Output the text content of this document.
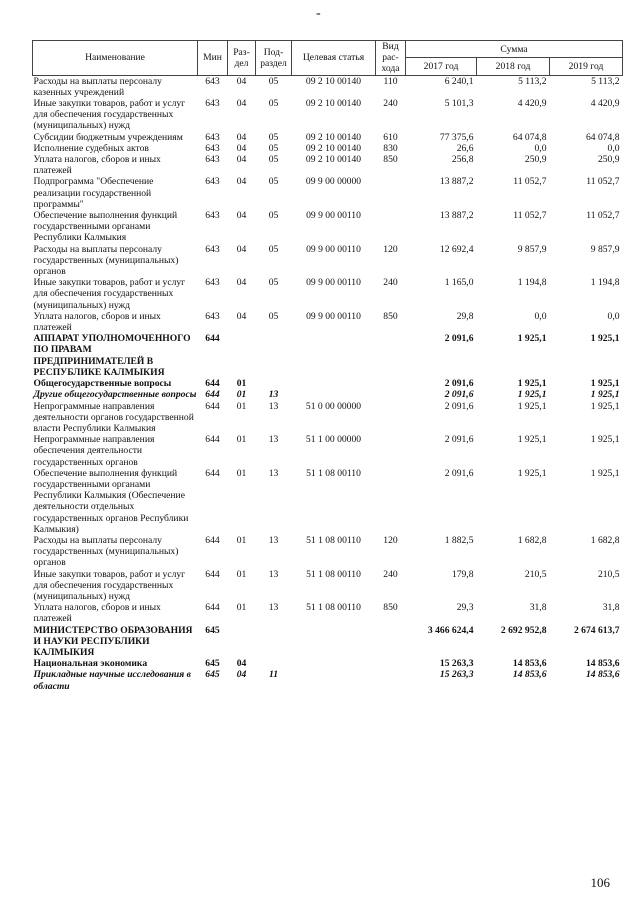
-
Наименование	Мин	Раз-дел	Под-раздел	Целевая статья	Вид рас-хода	Сумма		
						2017 год	2018 год	2019 год
Расходы на выплаты персоналу казенных учреждений	643	04	05	09 2 10 00140	110	6 240,1	5 113,2	5 113,2
Иные закупки товаров, работ и услуг для обеспечения государственных (муниципальных) нужд	643	04	05	09 2 10 00140	240	5 101,3	4 420,9	4 420,9
Субсидии бюджетным учреждениям	643	04	05	09 2 10 00140	610	77 375,6	64 074,8	64 074,8
Исполнение судебных актов	643	04	05	09 2 10 00140	830	26,6	0,0	0,0
Уплата налогов, сборов и иных платежей	643	04	05	09 2 10 00140	850	256,8	250,9	250,9
Подпрограмма "Обеспечение реализации государственной программы"	643	04	05	09 9 00 00000		13 887,2	11 052,7	11 052,7
Обеспечение выполнения функций государственными органами Республики Калмыкия	643	04	05	09 9 00 00110		13 887,2	11 052,7	11 052,7
Расходы на выплаты персоналу государственных (муниципальных) органов	643	04	05	09 9 00 00110	120	12 692,4	9 857,9	9 857,9
Иные закупки товаров, работ и услуг для обеспечения государственных (муниципальных) нужд	643	04	05	09 9 00 00110	240	1 165,0	1 194,8	1 194,8
Уплата налогов, сборов и иных платежей	643	04	05	09 9 00 00110	850	29,8	0,0	0,0
АППАРАТ УПОЛНОМОЧЕННОГО ПО ПРАВАМ ПРЕДПРИНИМАТЕЛЕЙ В РЕСПУБЛИКЕ КАЛМЫКИЯ	644					2 091,6	1 925,1	1 925,1
Общегосударственные вопросы	644	01				2 091,6	1 925,1	1 925,1
Другие общегосударственные вопросы	644	01	13			2 091,6	1 925,1	1 925,1
Непрограммные направления деятельности органов государственной власти Республики Калмыкия	644	01	13	51 0 00 00000		2 091,6	1 925,1	1 925,1
Непрограммные направления обеспечения деятельности государственных органов	644	01	13	51 1 00 00000		2 091,6	1 925,1	1 925,1
Обеспечение выполнения функций государственными органами Республики Калмыкия (Обеспечение деятельности отдельных государственных органов Республики Калмыкия)	644	01	13	51 1 08 00110		2 091,6	1 925,1	1 925,1
Расходы на выплаты персоналу государственных (муниципальных) органов	644	01	13	51 1 08 00110	120	1 882,5	1 682,8	1 682,8
Иные закупки товаров, работ и услуг для обеспечения государственных (муниципальных) нужд	644	01	13	51 1 08 00110	240	179,8	210,5	210,5
Уплата налогов, сборов и иных платежей	644	01	13	51 1 08 00110	850	29,3	31,8	31,8
МИНИСТЕРСТВО ОБРАЗОВАНИЯ И НАУКИ РЕСПУБЛИКИ КАЛМЫКИЯ	645					3 466 624,4	2 692 952,8	2 674 613,7
Национальная экономика	645	04				15 263,3	14 853,6	14 853,6
Прикладные научные исследования в области	645	04	11			15 263,3	14 853,6	14 853,6
106
